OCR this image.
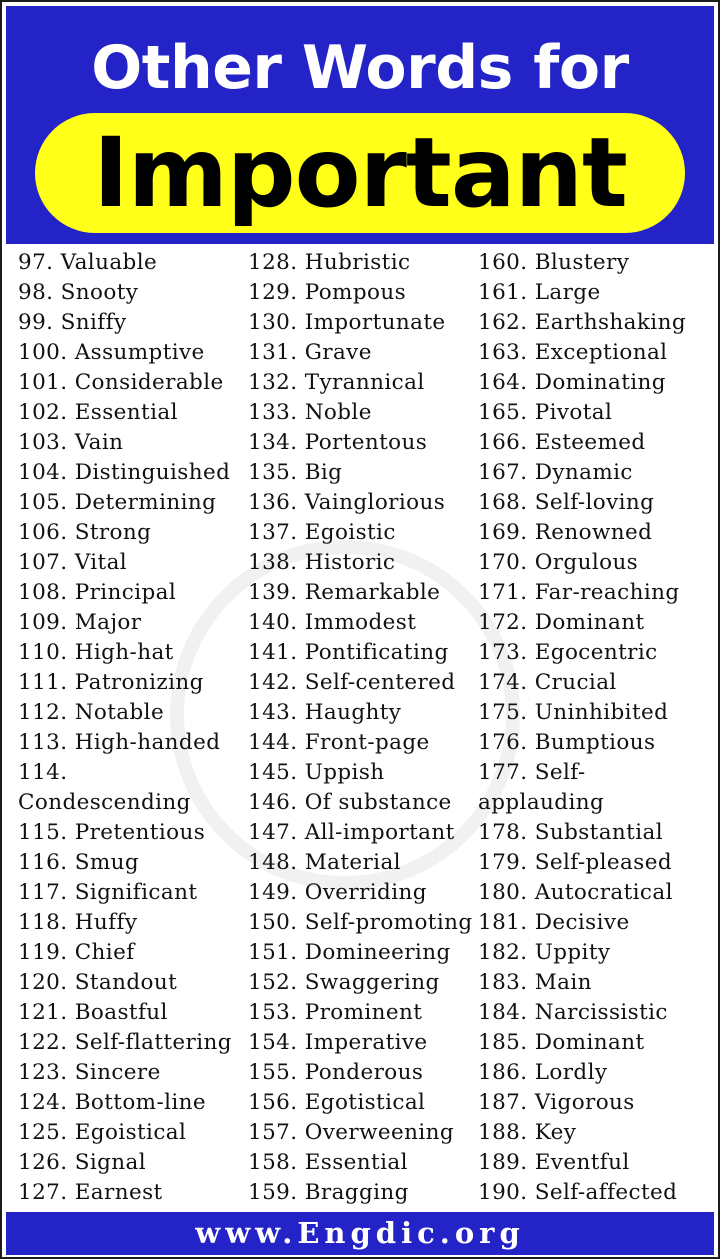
Other Words for
Important
97. Valuable
98. Snooty
99. Sniffy
100. Assumptive
101. Considerable
102. Essential
103. Vain
104. Distinguished
105. Determining
106. Strong
107. Vital
108. Principal
109. Major
110. High-hat
111. Patronizing
112. Notable
113. High-handed
114. Condescending
115. Pretentious
116. Smug
117. Significant
118. Huffy
119. Chief
120. Standout
121. Boastful
122. Self-flattering
123. Sincere
124. Bottom-line
125. Egoistical
126. Signal
127. Earnest
128. Hubristic
129. Pompous
130. Importunate
131. Grave
132. Tyrannical
133. Noble
134. Portentous
135. Big
136. Vainglorious
137. Egoistic
138. Historic
139. Remarkable
140. Immodest
141. Pontificating
142. Self-centered
143. Haughty
144. Front-page
145. Uppish
146. Of substance
147. All-important
148. Material
149. Overriding
150. Self-promoting
151. Domineering
152. Swaggering
153. Prominent
154. Imperative
155. Ponderous
156. Egotistical
157. Overweening
158. Essential
159. Bragging
160. Blustery
161. Large
162. Earthshaking
163. Exceptional
164. Dominating
165. Pivotal
166. Esteemed
167. Dynamic
168. Self-loving
169. Renowned
170. Orgulous
171. Far-reaching
172. Dominant
173. Egocentric
174. Crucial
175. Uninhibited
176. Bumptious
177. Self-applauding
178. Substantial
179. Self-pleased
180. Autocratical
181. Decisive
182. Uppity
183. Main
184. Narcissistic
185. Dominant
186. Lordly
187. Vigorous
188. Key
189. Eventful
190. Self-affected
www.Engdic.org
